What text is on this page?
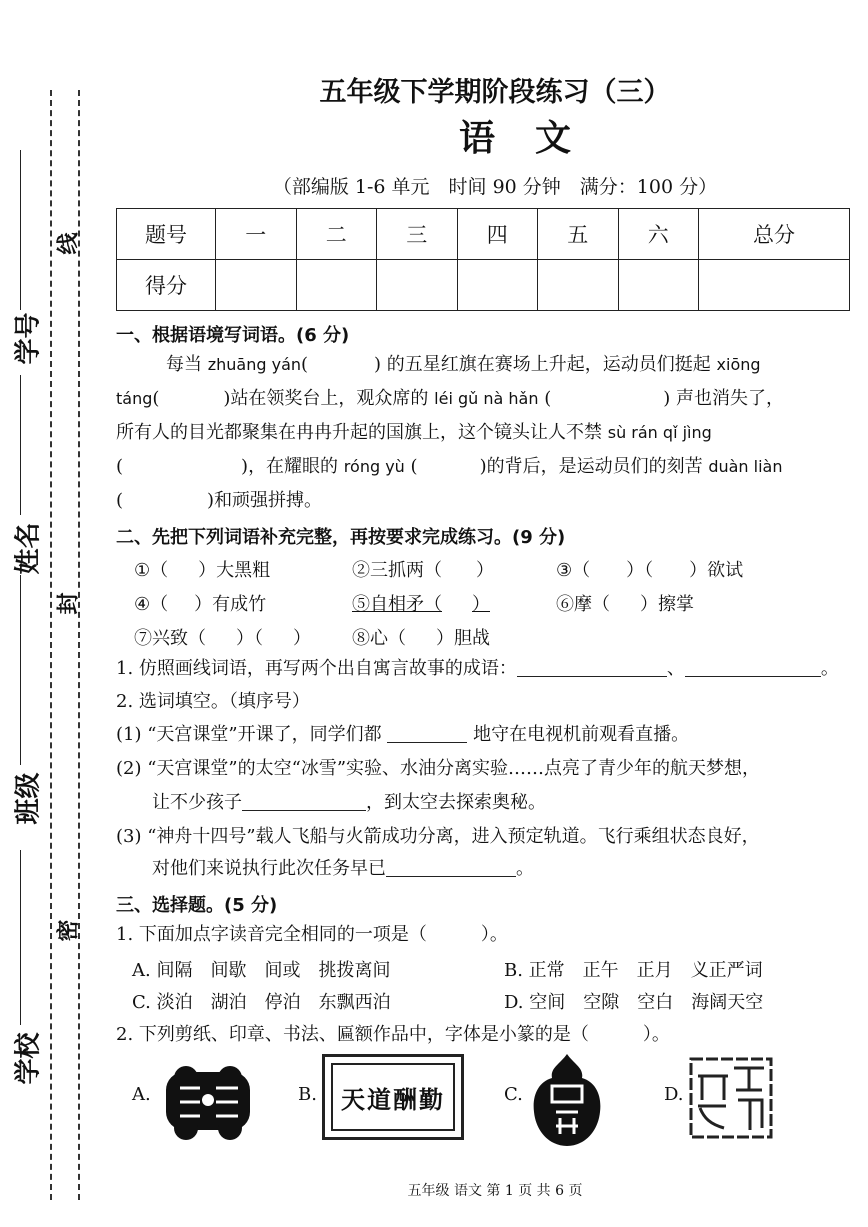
学号
姓名
班级
学校
线
封
密
五年级下学期阶段练习（三）
语文
（部编版 1-6 单元　时间 90 分钟　满分：100 分）
题号	一	二	三	四	五	六	总分
得分							
一、根据语境写词语。(6 分)
每当 zhuāng yán(	) 的五星红旗在赛场上升起，运动员们挺起 xiōng
táng(	)站在领奖台上，观众席的 léi gǔ nà hǎn (	) 声也消失了，
所有人的目光都聚集在冉冉升起的国旗上，这个镜头让人不禁 sù rán qǐ jìng
(	)，在耀眼的 róng yù (	)的背后，是运动员们的刻苦 duàn liàn
(	)和顽强拼搏。
二、先把下列词语补充完整，再按要求完成练习。(9 分)
①（ ）大黑粗	②三抓两（ ）	③（ ）（ ）欲试
④（ ）有成竹	⑤自相矛（ ）	⑥摩（ ）擦掌
⑦兴致（ ）（ ） ⑧心（ ）胆战
1. 仿照画线词语，再写两个出自寓言故事的成语：	、	。
2. 选词填空。（填序号）
(1) “天宫课堂”开课了，同学们都	地守在电视机前观看直播。
(2) “天宫课堂”的太空“冰雪”实验、水油分离实验……点亮了青少年的航天梦想，
让不少孩子	，到太空去探索奥秘。
(3) “神舟十四号”载人飞船与火箭成功分离，进入预定轨道。飞行乘组状态良好，
对他们来说执行此次任务早已	。
三、选择题。(5 分)
1. 下面加点字读音完全相同的一项是（　　　）。
A. 间隔　间歇　间或　挑拨离间	B. 正常　正午　正月　义正严词
C. 淡泊　湖泊　停泊　东飘西泊	D. 空间　空隙　空白　海阔天空
2. 下列剪纸、印章、书法、匾额作品中，字体是小篆的是（　　　）。
A.	B.	天道酬勤	C.	D.
五年级 语文 第 1 页 共 6 页
